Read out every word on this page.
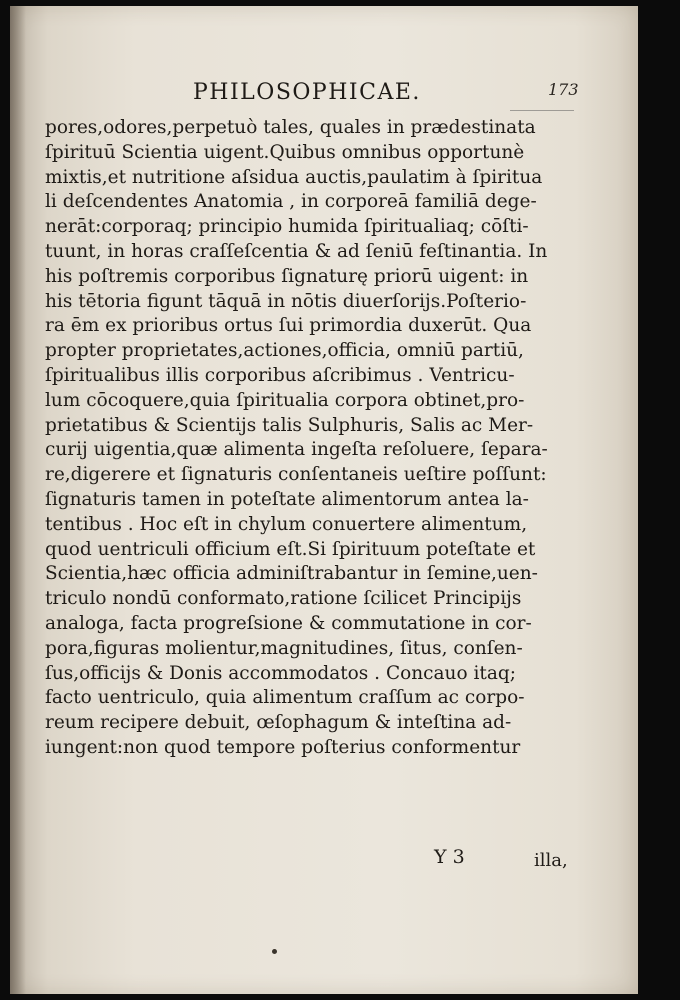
PHILOSOPHICAE.	173
pores,odores,perpetuò tales, quales in prædestinata
ſpirituū Scientia uigent.Quibus omnibus opportunè
mixtis,et nutritione aſsidua auctis,paulatim à ſpiritua
li deſcendentes Anatomia , in corporeā familiā dege-
nerāt:corporaq; principio humida ſpiritualiaq; cōſti-
tuunt, in horas craſſeſcentia & ad ſeniū feſtinantia. In
his poſtremis corporibus ſignaturę priorū uigent: in
his tētoria figunt tāquā in nōtis diuerſorijs.Poſterio-
ra ēm ex prioribus ortus ſui primordia duxerūt. Qua
propter proprietates,actiones,officia, omniū partiū,
ſpiritualibus illis corporibus aſcribimus . Ventricu-
lum cōcoquere,quia ſpiritualia corpora obtinet,pro-
prietatibus & Scientijs talis Sulphuris, Salis ac Mer-
curij uigentia,quæ alimenta ingeſta reſoluere, ſepara-
re,digerere et ſignaturis conſentaneis ueſtire poſſunt:
ſignaturis tamen in poteſtate alimentorum antea la-
tentibus . Hoc eſt in chylum conuertere alimentum,
quod uentriculi officium eſt.Si ſpirituum poteſtate et
Scientia,hæc officia adminiſtrabantur in ſemine,uen-
triculo nondū conformato,ratione ſcilicet Principijs
analoga, facta progreſsione & commutatione in cor-
pora,figuras molientur,magnitudines, ſitus, conſen-
ſus,officijs & Donis accommodatos . Concauo itaq;
facto uentriculo, quia alimentum craſſum ac corpo-
reum recipere debuit, œſophagum & inteſtina ad-
iungent:non quod tempore poſterius conformentur
Y 3	illa,
